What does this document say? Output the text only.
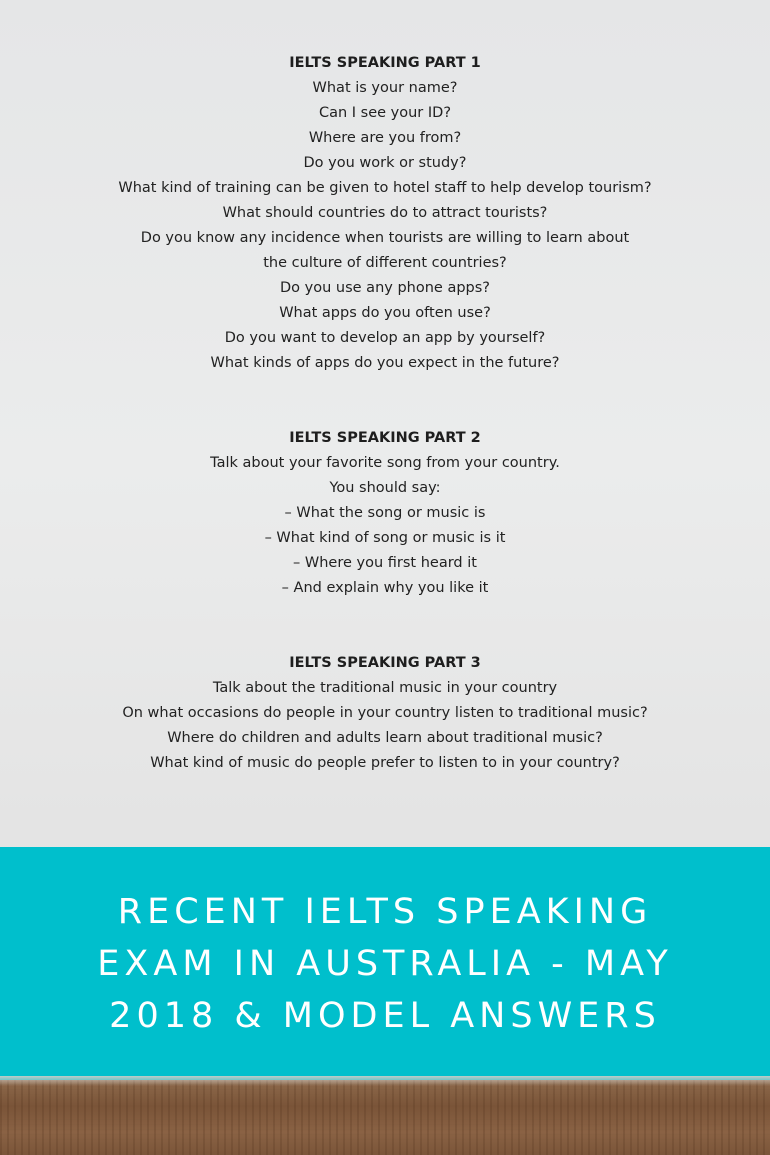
IELTS SPEAKING PART 1
What is your name?
Can I see your ID?
Where are you from?
Do you work or study?
What kind of training can be given to hotel staff to help develop tourism?
What should countries do to attract tourists?
Do you know any incidence when tourists are willing to learn about
the culture of different countries?
Do you use any phone apps?
What apps do you often use?
Do you want to develop an app by yourself?
What kinds of apps do you expect in the future?
IELTS SPEAKING PART 2
Talk about your favorite song from your country.
You should say:
– What the song or music is
– What kind of song or music is it
– Where you first heard it
– And explain why you like it
IELTS SPEAKING PART 3
Talk about the traditional music in your country
On what occasions do people in your country listen to traditional music?
Where do children and adults learn about traditional music?
What kind of music do people prefer to listen to in your country?
RECENT IELTS SPEAKING
EXAM IN AUSTRALIA - MAY
2018 & MODEL ANSWERS
